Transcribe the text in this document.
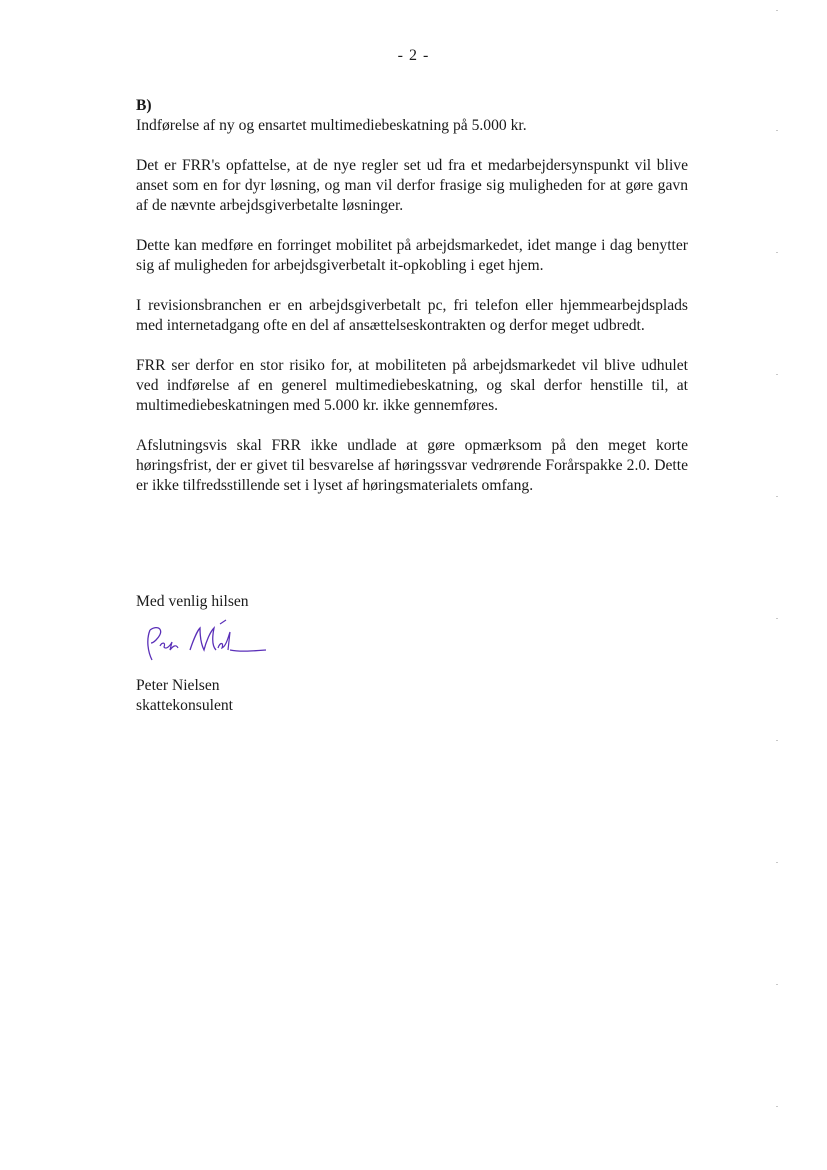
- 2 -

B)

Indførelse af ny og ensartet multimediebeskatning på 5.000 kr.

Det er FRR's opfattelse, at de nye regler set ud fra et medarbejdersynspunkt vil blive anset som en for dyr løsning, og man vil derfor frasige sig muligheden for at gøre gavn af de nævnte arbejdsgiverbetalte løsninger.

Dette kan medføre en forringet mobilitet på arbejdsmarkedet, idet mange i dag benytter sig af muligheden for arbejdsgiverbetalt it-opkobling i eget hjem.

I revisionsbranchen er en arbejdsgiverbetalt pc, fri telefon eller hjemmearbejdsplads med internetadgang ofte en del af ansættelseskontrakten og derfor meget udbredt.

FRR ser derfor en stor risiko for, at mobiliteten på arbejdsmarkedet vil blive udhulet ved indførelse af en generel multimediebeskatning, og skal derfor henstille til, at multimediebeskatningen med 5.000 kr. ikke gennemføres.

Afslutningsvis skal FRR ikke undlade at gøre opmærksom på den meget korte høringsfrist, der er givet til besvarelse af høringssvar vedrørende Forårspakke 2.0. Dette er ikke tilfredsstillende set i lyset af høringsmaterialets omfang.

Med venlig hilsen
Peter Nielsen
skattekonsulent
